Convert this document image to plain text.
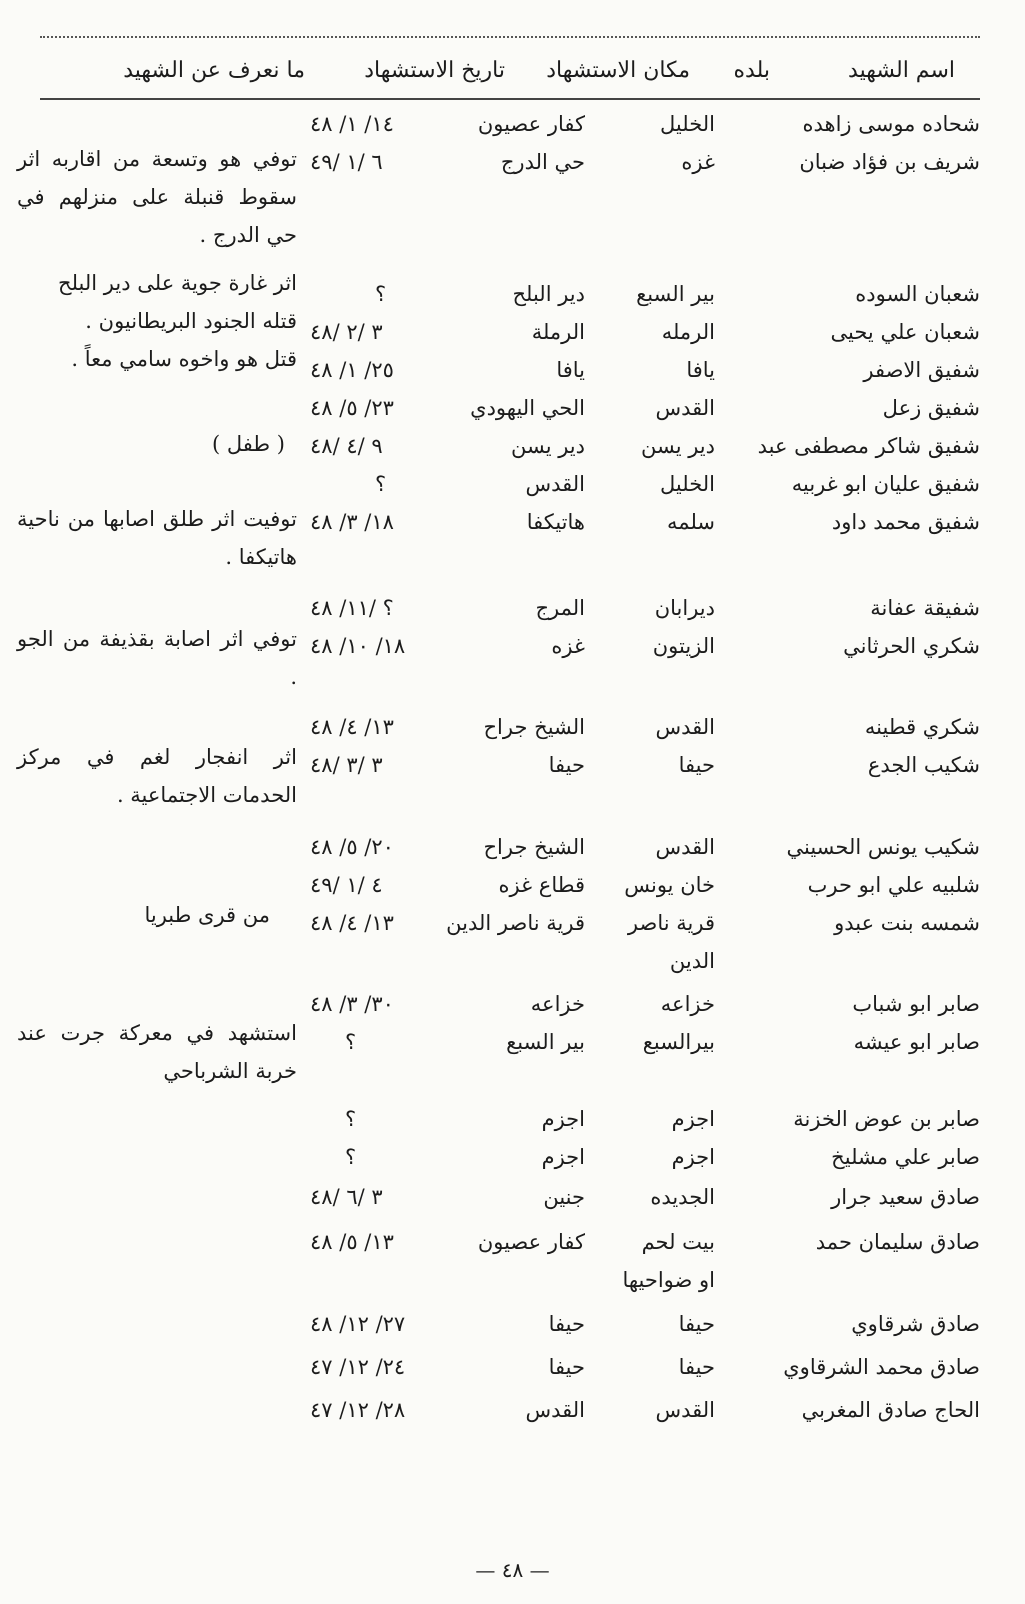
اسم الشهيد
بلده
مكان الاستشهاد
تاريخ الاستشهاد
ما نعرف عن الشهيد
شحاده موسى زاهده
الخليل
كفار عصيون
١٤/ ١/ ٤٨
شريف بن فؤاد ضبان
غزه
حي الدرج
٦ /١ /٤٩
شعبان السوده
بير السبع
دير البلح
؟
شعبان علي يحيى
الرمله
الرملة
٣ /٢ /٤٨
شفيق الاصفر
يافا
يافا
٢٥/ ١/ ٤٨
شفيق زعل
القدس
الحي اليهودي
٢٣/ ٥/ ٤٨
شفيق شاكر مصطفى عبد
دير يسن
دير يسن
٩ /٤ /٤٨
شفيق عليان ابو غربيه
الخليل
القدس
؟
شفيق محمد داود
سلمه
هاتيكفا
١٨/ ٣/ ٤٨
شفيقة عفانة
ديرابان
المرج
؟ /١١/ ٤٨
شكري الحرثاني
الزيتون
غزه
١٨/ ١٠/ ٤٨
شكري قطينه
القدس
الشيخ جراح
١٣/ ٤/ ٤٨
شكيب الجدع
حيفا
حيفا
٣ /٣ /٤٨
شكيب يونس الحسيني
القدس
الشيخ جراح
٢٠/ ٥/ ٤٨
شلبيه علي ابو حرب
خان يونس
قطاع غزه
٤ /١ /٤٩
شمسه بنت عبدو
قرية ناصر
قرية ناصر الدين
١٣/ ٤/ ٤٨
الدين
صابر ابو شباب
خزاعه
خزاعه
٣٠/ ٣/ ٤٨
صابر ابو عيشه
بيرالسبع
بير السبع
؟
صابر بن عوض الخزنة
اجزم
اجزم
؟
صابر علي مشليخ
اجزم
اجزم
؟
صادق سعيد جرار
الجديده
جنين
٣ /٦ /٤٨
صادق سليمان حمد
بيت لحم
كفار عصيون
١٣/ ٥/ ٤٨
او ضواحيها
صادق شرقاوي
حيفا
حيفا
٢٧/ ١٢/ ٤٨
صادق محمد الشرقاوي
حيفا
حيفا
٢٤/ ١٢/ ٤٧
الحاج صادق المغربي
القدس
القدس
٢٨/ ١٢/ ٤٧
توفي هو وتسعة من اقاربه اثر سقوط قنبلة على منزلهم في حي الدرج .
اثر غارة جوية على دير البلح
قتله الجنود البريطانيون .
قتل هو واخوه سامي معاً .
( طفل )
توفيت اثر طلق اصابها من ناحية هاتيكفا .
توفي اثر اصابة بقذيفة من الجو .
اثر انفجار لغم في مركز الحدمات الاجتماعية .
من قرى طبريا
استشهد في معركة جرت عند خربة الشرباحي
— ٤٨ —
